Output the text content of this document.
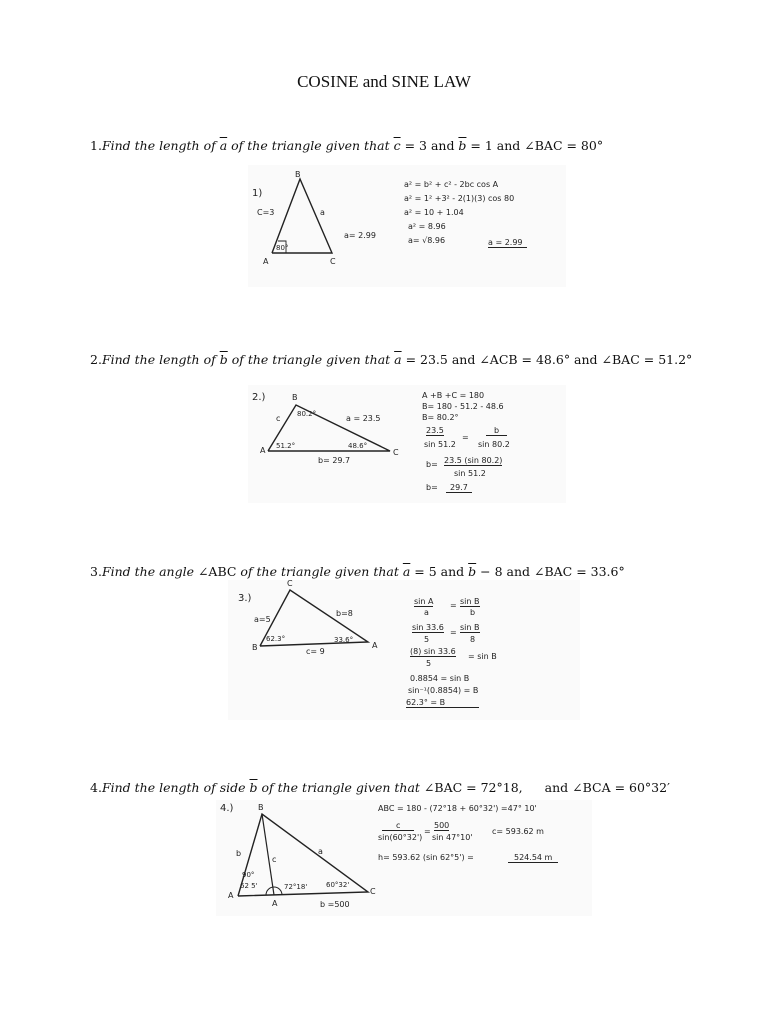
COSINE and SINE LAW
1.Find the length of $\overline{a}$ of the triangle given that $\overline{c} = 3$ and $\overline{b} = 1$ and ∠BAC = 80°
1)
B
C=3	a
a= 2.99
80°
A	C
a² = b² + c² - 2bc cos A
a² = 1² +3² - 2(1)(3) cos 80
a² = 10 + 1.04
a² = 8.96
a= √8.96	a = 2.99
2.Find the length of $\overline{b}$ of the triangle given that $\overline{a} = 23.5$ and ∠ACB = 48.6° and ∠BAC = 51.2°
2.)	B
c 80.2°	a = 23.5
51.2°	48.6°
A	C
b= 29.7
A +B +C = 180
B= 180 - 51.2 - 48.6
B= 80.2°
23.5
sin 51.2
=
b
sin 80.2
b= 23.5 (sin 80.2)
sin 51.2
b=	29.7
3.Find the angle ∠ABC of the triangle given that $\overline{a} = 5$ and $\overline{b} - 8$ and ∠BAC = 33.6°
3.)
C
a=5
b=8
62.3°	33.6°
B	A
c= 9
sin A
a
= sin B
b
sin 33.6
5
=
sin B
8
(8) sin 33.6
5
= sin B
0.8854 = sin B
sin⁻¹(0.8854) = B
62.3° = B
4.Find the length of side $\overline{b}$ of the triangle given that ∠BAC = 72°18, and ∠BCA = 60°32′
4.)	B
b
c
a
90°
62 5'	72°18'	60°32'
A
A
C
b =500
ABC = 180 - (72°18 + 60°32') =47° 10'
c
sin(60°32')
=
500
sin 47°10'
c= 593.62 m
h= 593.62 (sin 62°5') =	524.54 m
